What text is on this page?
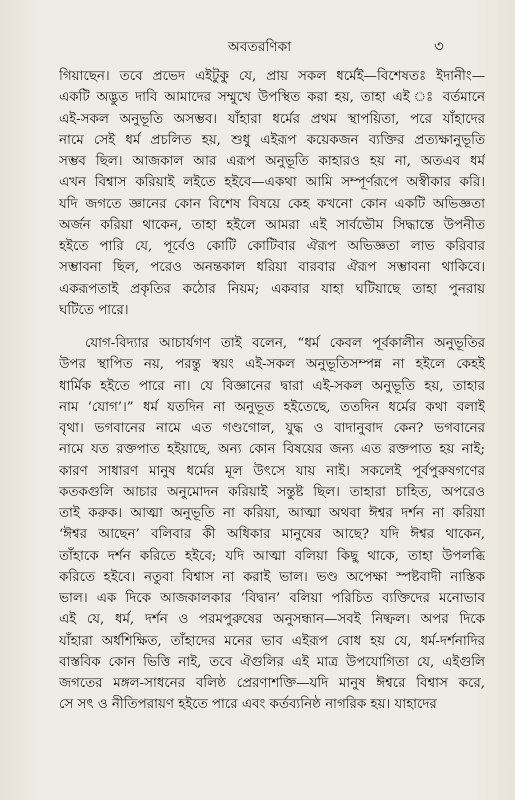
অবতরণিকা	৩
গিয়াছেন। তবে প্রভেদ এইটুকু যে, প্রায় সকল ধর্মেই—বিশেষতঃ ইদানীং—
একটি অদ্ভুত দাবি আমাদের সম্মুখে উপস্থিত করা হয়, তাহা এই ঃ বর্তমানে
এই-সকল অনুভূতি অসম্ভব। যাঁহারা ধর্মের প্রথম স্থাপয়িতা, পরে যাঁহাদের
নামে সেই ধর্ম প্রচলিত হয়, শুধু এইরূপ কয়েকজন ব্যক্তির প্রত্যক্ষানুভূতি
সম্ভব ছিল। আজকাল আর এরূপ অনুভূতি কাহারও হয় না, অতএব ধর্ম
এখন বিশ্বাস করিয়াই লইতে হইবে—একথা আমি সম্পূর্ণরূপে অস্বীকার করি।
যদি জগতে জ্ঞানের কোন বিশেষ বিষয়ে কেহ কখনো কোন একটি অভিজ্ঞতা
অর্জন করিয়া থাকেন, তাহা হইলে আমরা এই সার্বভৌম সিদ্ধান্তে উপনীত
হইতে পারি যে, পূর্বেও কোটি কোটিবার ঐরূপ অভিজ্ঞতা লাভ করিবার
সম্ভাবনা ছিল, পরেও অনন্তকাল ধরিয়া বারবার ঐরূপ সম্ভাবনা থাকিবে।
একরূপতাই প্রকৃতির কঠোর নিয়ম; একবার যাহা ঘটিয়াছে তাহা পুনরায়
ঘটিতে পারে।
যোগ-বিদ্যার আচার্যগণ তাই বলেন, “ধর্ম কেবল পূর্বকালীন অনুভূতির
উপর স্থাপিত নয়, পরন্তু স্বয়ং এই-সকল অনুভূতিসম্পন্ন না হইলে কেহই
ধার্মিক হইতে পারে না। যে বিজ্ঞানের দ্বারা এই-সকল অনুভূতি হয়, তাহার
নাম ‘যোগ’।” ধর্ম যতদিন না অনুভূত হইতেছে, ততদিন ধর্মের কথা বলাই
বৃথা। ভগবানের নামে এত গণ্ডগোল, যুদ্ধ ও বাদানুবাদ কেন? ভগবানের
নামে যত রক্তপাত হইয়াছে, অন্য কোন বিষয়ের জন্য এত রক্তপাত হয় নাই;
কারণ সাধারণ মানুষ ধর্মের মূল উৎসে যায় নাই। সকলেই পূর্বপুরুষগণের
কতকগুলি আচার অনুমোদন করিয়াই সন্তুষ্ট ছিল। তাহারা চাহিত, অপরেও
তাই করুক। আত্মা অনুভূতি না করিয়া, আত্মা অথবা ঈশ্বর দর্শন না করিয়া
‘ঈশ্বর আছেন’ বলিবার কী অধিকার মানুষের আছে? যদি ঈশ্বর থাকেন,
তাঁহাকে দর্শন করিতে হইবে; যদি আত্মা বলিয়া কিছু থাকে, তাহা উপলব্ধি
করিতে হইবে। নতুবা বিশ্বাস না করাই ভাল। ভণ্ড অপেক্ষা স্পষ্টবাদী নাস্তিক
ভাল। এক দিকে আজকালকার ‘বিদ্বান’ বলিয়া পরিচিত ব্যক্তিদের মনোভাব
এই যে, ধর্ম, দর্শন ও পরমপুরুষের অনুসন্ধান—সবই নিষ্ফল। অপর দিকে
যাঁহারা অর্ধশিক্ষিত, তাঁহাদের মনের ভাব এইরূপ বোধ হয় যে, ধর্ম-দর্শনাদির
বাস্তবিক কোন ভিত্তি নাই, তবে ঐগুলির এই মাত্র উপযোগিতা যে, এইগুলি
জগতের মঙ্গল-সাধনের বলিষ্ঠ প্রেরণাশক্তি—যদি মানুষ ঈশ্বরে বিশ্বাস করে,
সে সৎ ও নীতিপরায়ণ হইতে পারে এবং কর্তব্যনিষ্ঠ নাগরিক হয়। যাহাদের
